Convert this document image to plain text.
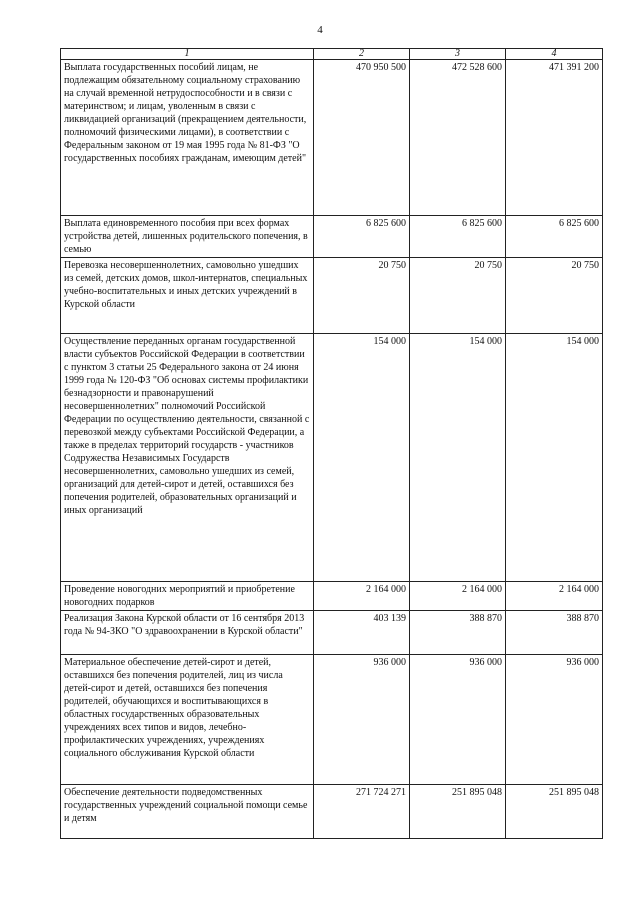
4
1	2	3	4
Выплата государственных пособий лицам, не подлежащим обязательному социальному страхованию на случай временной нетрудоспособности и в связи с материнством; и лицам, уволенным в связи с ликвидацией организаций (прекращением деятельности, полномочий физическими лицами), в соответствии с Федеральным законом от 19 мая 1995 года № 81-ФЗ "О государственных пособиях гражданам, имеющим детей"	470 950 500	472 528 600	471 391 200
Выплата единовременного пособия при всех формах устройства детей, лишенных родительского попечения, в семью	6 825 600	6 825 600	6 825 600
Перевозка несовершеннолетних, самовольно ушедших из семей, детских домов, школ-интернатов, специальных учебно-воспитательных и иных детских учреждений в Курской области	20 750	20 750	20 750
Осуществление переданных органам государственной власти субъектов Российской Федерации в соответствии с пунктом 3 статьи 25 Федерального закона от 24 июня 1999 года № 120-ФЗ "Об основах системы профилактики безнадзорности и правонарушений несовершеннолетних" полномочий Российской Федерации по осуществлению деятельности, связанной с перевозкой между субъектами Российской Федерации, а также в пределах территорий государств - участников Содружества Независимых Государств несовершеннолетних, самовольно ушедших из семей, организаций для детей-сирот и детей, оставшихся без попечения родителей, образовательных организаций и иных организаций	154 000	154 000	154 000
Проведение новогодних мероприятий и приобретение новогодних подарков	2 164 000	2 164 000	2 164 000
Реализация Закона Курской области от 16 сентября 2013 года № 94-ЗКО "О здравоохранении в Курской области"	403 139	388 870	388 870
Материальное обеспечение детей-сирот и детей, оставшихся без попечения родителей, лиц из числа детей-сирот и детей, оставшихся без попечения родителей, обучающихся и воспитывающихся в областных государственных образовательных учреждениях всех типов и видов, лечебно-профилактических учреждениях, учреждениях социального обслуживания Курской области	936 000	936 000	936 000
Обеспечение деятельности подведомственных государственных учреждений социальной помощи семье и детям	271 724 271	251 895 048	251 895 048
